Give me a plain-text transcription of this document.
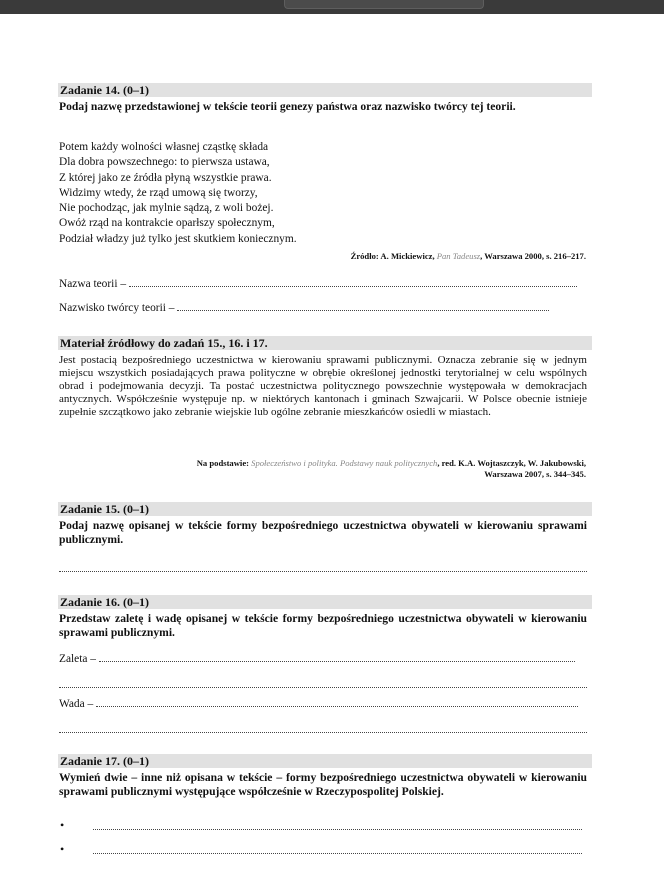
Zadanie 14. (0–1)
Podaj nazwę przedstawionej w tekście teorii genezy państwa oraz nazwisko twórcy tej teorii.
Potem każdy wolności własnej cząstkę składa
Dla dobra powszechnego: to pierwsza ustawa,
Z której jako ze źródła płyną wszystkie prawa.
Widzimy wtedy, że rząd umową się tworzy,
Nie pochodząc, jak mylnie sądzą, z woli bożej.
Owóż rząd na kontrakcie oparłszy społecznym,
Podział władzy już tylko jest skutkiem koniecznym.
Źródło: A. Mickiewicz, Pan Tadeusz, Warszawa 2000, s. 216–217.
Nazwa teorii –
Nazwisko twórcy teorii –
Materiał źródłowy do zadań 15., 16. i 17.
Jest postacią bezpośredniego uczestnictwa w kierowaniu sprawami publicznymi. Oznacza zebranie się w jednym miejscu wszystkich posiadających prawa polityczne w obrębie określonej jednostki terytorialnej w celu wspólnych obrad i podejmowania decyzji. Ta postać uczestnictwa politycznego powszechnie występowała w demokracjach antycznych. Współcześnie występuje np. w niektórych kantonach i gminach Szwajcarii. W Polsce obecnie istnieje zupełnie szczątkowo jako zebranie wiejskie lub ogólne zebranie mieszkańców osiedli w miastach.
Na podstawie: Społeczeństwo i polityka. Podstawy nauk politycznych, red. K.A. Wojtaszczyk, W. Jakubowski,
Warszawa 2007, s. 344–345.
Zadanie 15. (0–1)
Podaj nazwę opisanej w tekście formy bezpośredniego uczestnictwa obywateli w kierowaniu sprawami publicznymi.
Zadanie 16. (0–1)
Przedstaw zaletę i wadę opisanej w tekście formy bezpośredniego uczestnictwa obywateli w kierowaniu sprawami publicznymi.
Zaleta –
Wada –
Zadanie 17. (0–1)
Wymień dwie – inne niż opisana w tekście – formy bezpośredniego uczestnictwa obywateli w kierowaniu sprawami publicznymi występujące współcześnie w Rzeczypospolitej Polskiej.
•
•
